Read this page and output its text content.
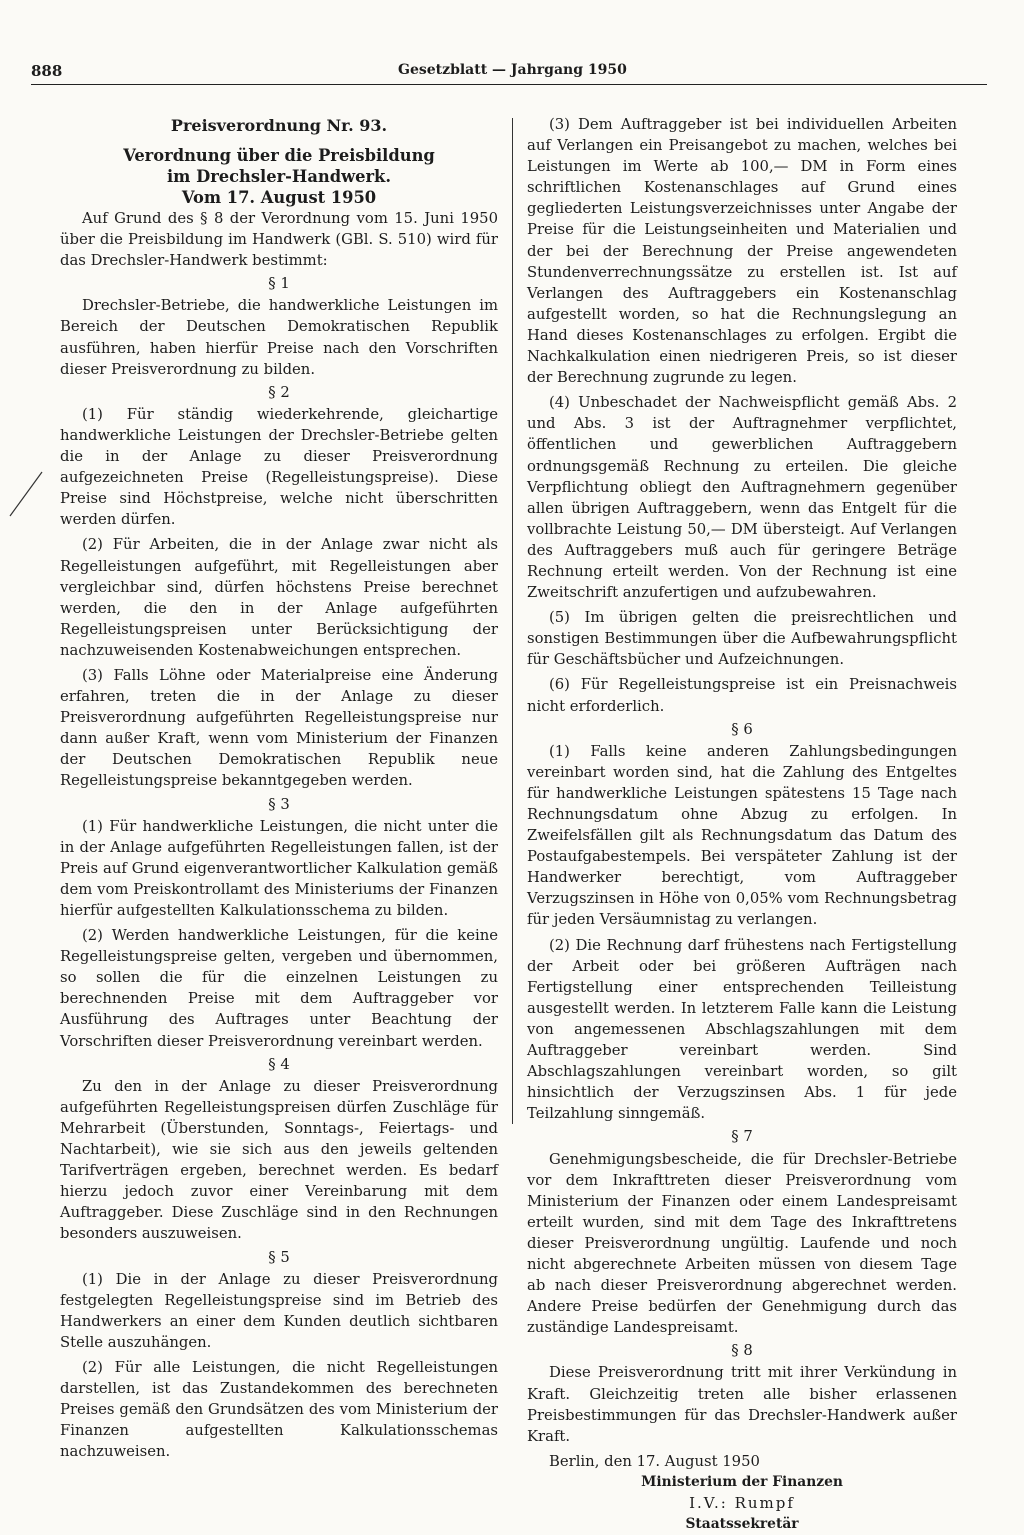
888	Gesetzblatt — Jahrgang 1950
Preisverordnung Nr. 93.
Verordnung über die Preisbildung
im Drechsler-Handwerk.
Vom 17. August 1950

Auf Grund des § 8 der Verordnung vom 15. Juni 1950 über die Preisbildung im Handwerk (GBl. S. 510) wird für das Drechsler-Handwerk bestimmt:

§ 1

Drechsler-Betriebe, die handwerkliche Leistungen im Bereich der Deutschen Demokratischen Republik ausführen, haben hierfür Preise nach den Vorschriften dieser Preisverordnung zu bilden.

§ 2

(1) Für ständig wiederkehrende, gleichartige handwerkliche Leistungen der Drechsler-Betriebe gelten die in der Anlage zu dieser Preisverordnung aufgezeichneten Preise (Regelleistungspreise). Diese Preise sind Höchstpreise, welche nicht überschritten werden dürfen.

(2) Für Arbeiten, die in der Anlage zwar nicht als Regelleistungen aufgeführt, mit Regelleistungen aber vergleichbar sind, dürfen höchstens Preise berechnet werden, die den in der Anlage aufgeführten Regelleistungspreisen unter Berücksichtigung der nachzuweisenden Kostenabweichungen entsprechen.

(3) Falls Löhne oder Materialpreise eine Änderung erfahren, treten die in der Anlage zu dieser Preisverordnung aufgeführten Regelleistungspreise nur dann außer Kraft, wenn vom Ministerium der Finanzen der Deutschen Demokratischen Republik neue Regelleistungspreise bekanntgegeben werden.

§ 3

(1) Für handwerkliche Leistungen, die nicht unter die in der Anlage aufgeführten Regelleistungen fallen, ist der Preis auf Grund eigenverantwortlicher Kalkulation gemäß dem vom Preiskontrollamt des Ministeriums der Finanzen hierfür aufgestellten Kalkulationsschema zu bilden.

(2) Werden handwerkliche Leistungen, für die keine Regelleistungspreise gelten, vergeben und übernommen, so sollen die für die einzelnen Leistungen zu berechnenden Preise mit dem Auftraggeber vor Ausführung des Auftrages unter Beachtung der Vorschriften dieser Preisverordnung vereinbart werden.

§ 4

Zu den in der Anlage zu dieser Preisverordnung aufgeführten Regelleistungspreisen dürfen Zuschläge für Mehrarbeit (Überstunden, Sonntags-, Feiertags- und Nachtarbeit), wie sie sich aus den jeweils geltenden Tarifverträgen ergeben, berechnet werden. Es bedarf hierzu jedoch zuvor einer Vereinbarung mit dem Auftraggeber. Diese Zuschläge sind in den Rechnungen besonders auszuweisen.

§ 5

(1) Die in der Anlage zu dieser Preisverordnung festgelegten Regelleistungspreise sind im Betrieb des Handwerkers an einer dem Kunden deutlich sichtbaren Stelle auszuhängen.

(2) Für alle Leistungen, die nicht Regelleistungen darstellen, ist das Zustandekommen des berechneten Preises gemäß den Grundsätzen des vom Ministerium der Finanzen aufgestellten Kalkulationsschemas nachzuweisen.

(3) Dem Auftraggeber ist bei individuellen Arbeiten auf Verlangen ein Preisangebot zu machen, welches bei Leistungen im Werte ab 100,— DM in Form eines schriftlichen Kostenanschlages auf Grund eines gegliederten Leistungsverzeichnisses unter Angabe der Preise für die Leistungseinheiten und Materialien und der bei der Berechnung der Preise angewendeten Stundenverrechnungssätze zu erstellen ist. Ist auf Verlangen des Auftraggebers ein Kostenanschlag aufgestellt worden, so hat die Rechnungslegung an Hand dieses Kostenanschlages zu erfolgen. Ergibt die Nachkalkulation einen niedrigeren Preis, so ist dieser der Berechnung zugrunde zu legen.

(4) Unbeschadet der Nachweispflicht gemäß Abs. 2 und Abs. 3 ist der Auftragnehmer verpflichtet, öffentlichen und gewerblichen Auftraggebern ordnungsgemäß Rechnung zu erteilen. Die gleiche Verpflichtung obliegt den Auftragnehmern gegenüber allen übrigen Auftraggebern, wenn das Entgelt für die vollbrachte Leistung 50,— DM übersteigt. Auf Verlangen des Auftraggebers muß auch für geringere Beträge Rechnung erteilt werden. Von der Rechnung ist eine Zweitschrift anzufertigen und aufzubewahren.

(5) Im übrigen gelten die preisrechtlichen und sonstigen Bestimmungen über die Aufbewahrungspflicht für Geschäftsbücher und Aufzeichnungen.

(6) Für Regelleistungspreise ist ein Preisnachweis nicht erforderlich.

§ 6

(1) Falls keine anderen Zahlungsbedingungen vereinbart worden sind, hat die Zahlung des Entgeltes für handwerkliche Leistungen spätestens 15 Tage nach Rechnungsdatum ohne Abzug zu erfolgen. In Zweifelsfällen gilt als Rechnungsdatum das Datum des Postaufgabestempels. Bei verspäteter Zahlung ist der Handwerker berechtigt, vom Auftraggeber Verzugszinsen in Höhe von 0,05% vom Rechnungsbetrag für jeden Versäumnistag zu verlangen.

(2) Die Rechnung darf frühestens nach Fertigstellung der Arbeit oder bei größeren Aufträgen nach Fertigstellung einer entsprechenden Teilleistung ausgestellt werden. In letzterem Falle kann die Leistung von angemessenen Abschlagszahlungen mit dem Auftraggeber vereinbart werden. Sind Abschlagszahlungen vereinbart worden, so gilt hinsichtlich der Verzugszinsen Abs. 1 für jede Teilzahlung sinngemäß.

§ 7

Genehmigungsbescheide, die für Drechsler-Betriebe vor dem Inkrafttreten dieser Preisverordnung vom Ministerium der Finanzen oder einem Landespreisamt erteilt wurden, sind mit dem Tage des Inkrafttretens dieser Preisverordnung ungültig. Laufende und noch nicht abgerechnete Arbeiten müssen von diesem Tage ab nach dieser Preisverordnung abgerechnet werden. Andere Preise bedürfen der Genehmigung durch das zuständige Landespreisamt.

§ 8

Diese Preisverordnung tritt mit ihrer Verkündung in Kraft. Gleichzeitig treten alle bisher erlassenen Preisbestimmungen für das Drechsler-Handwerk außer Kraft.

Berlin, den 17. August 1950

Ministerium der Finanzen
I.V.: Rumpf
Staatssekretär
